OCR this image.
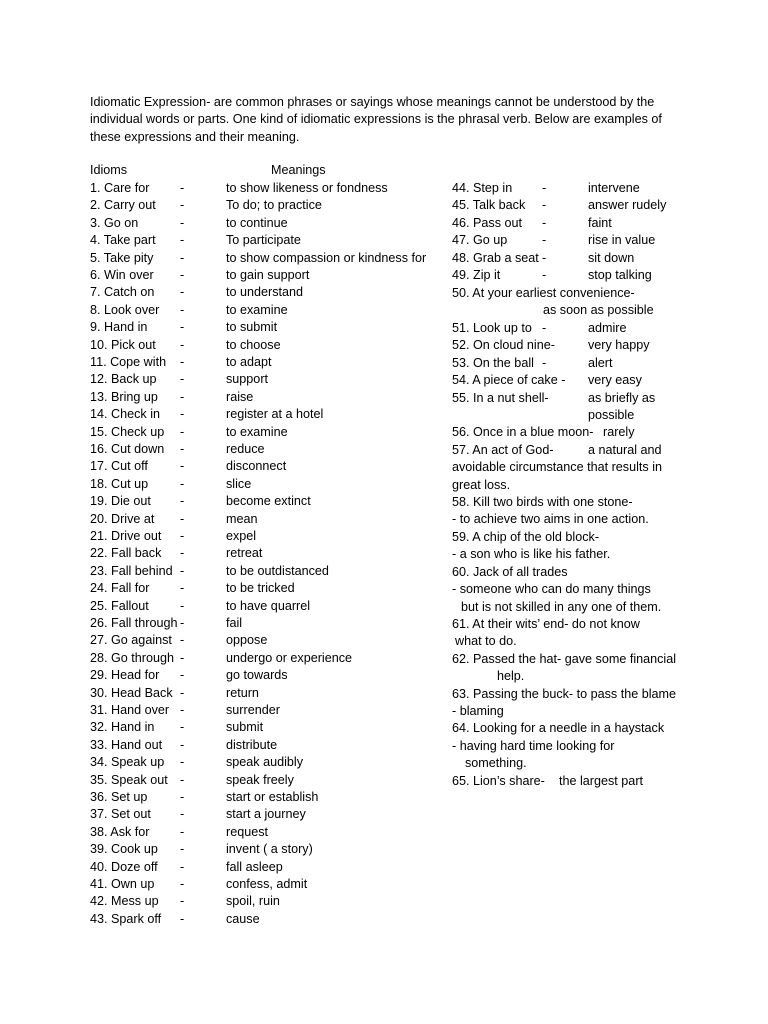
Idiomatic Expression- are common phrases or sayings whose meanings cannot be understood by the individual words or parts. One kind of idiomatic expressions is the phrasal verb. Below are examples of these expressions and their meaning.
Idioms	Meanings
1. Care for -	to show likeness or fondness
2. Carry out -	To do; to practice
3. Go on	-	to continue
4. Take part -	To participate
5. Take pity -	to show compassion or kindness for
6. Win over -	to gain support
7. Catch on -	to understand
8. Look over -	to examine
9. Hand in	-	to submit
10. Pick out -	to choose
11. Cope with -	to adapt
12. Back up -	support
13. Bring up -	raise
14. Check in -	register at a hotel
15. Check up -	to examine
16. Cut down -	reduce
17. Cut off	-	disconnect
18. Cut up	-	slice
19. Die out -	become extinct
20. Drive at -	mean
21. Drive out -	expel
22. Fall back -	retreat
23. Fall behind -	to be outdistanced
24. Fall for -	to be tricked
25. Fallout -	to have quarrel
26. Fall through -	fail
27. Go against -	oppose
28. Go through -	undergo or experience
29. Head for -	go towards
30. Head Back -	return
31. Hand over -	surrender
32. Hand in -	submit
33. Hand out -	distribute
34. Speak up -	speak audibly
35. Speak out -	speak freely
36. Set up	-	start or establish
37. Set out -	start a journey
38. Ask for -	request
39. Cook up -	invent ( a story)
40. Doze off -	fall asleep
41. Own up -	confess, admit
42. Mess up -	spoil, ruin
43. Spark off -	cause
44. Step in -	intervene
45. Talk back -	answer rudely
46. Pass out -	faint
47. Go up	-	rise in value
48. Grab a seat -	sit down
49. Zip it	-	stop talking
50. At your earliest convenience-
as soon as possible
51. Look up to -	admire
52. On cloud nine-	very happy
53. On the ball -	alert
54. A piece of cake - very easy
55. In a nut shell-	as briefly as
possible
56. Once in a blue moon- rarely
57. An act of God-	a natural and
avoidable circumstance that results in
great loss.
58. Kill two birds with one stone-
- to achieve two aims in one action.
59. A chip of the old block-
- a son who is like his father.
60. Jack of all trades
- someone who can do many things
but is not skilled in any one of them.
61. At their wits’ end- do not know
what to do.
62. Passed the hat- gave some financial
help.
63. Passing the buck- to pass the blame
- blaming
64. Looking for a needle in a haystack
- having hard time looking for
something.
65. Lion’s share- the largest part
